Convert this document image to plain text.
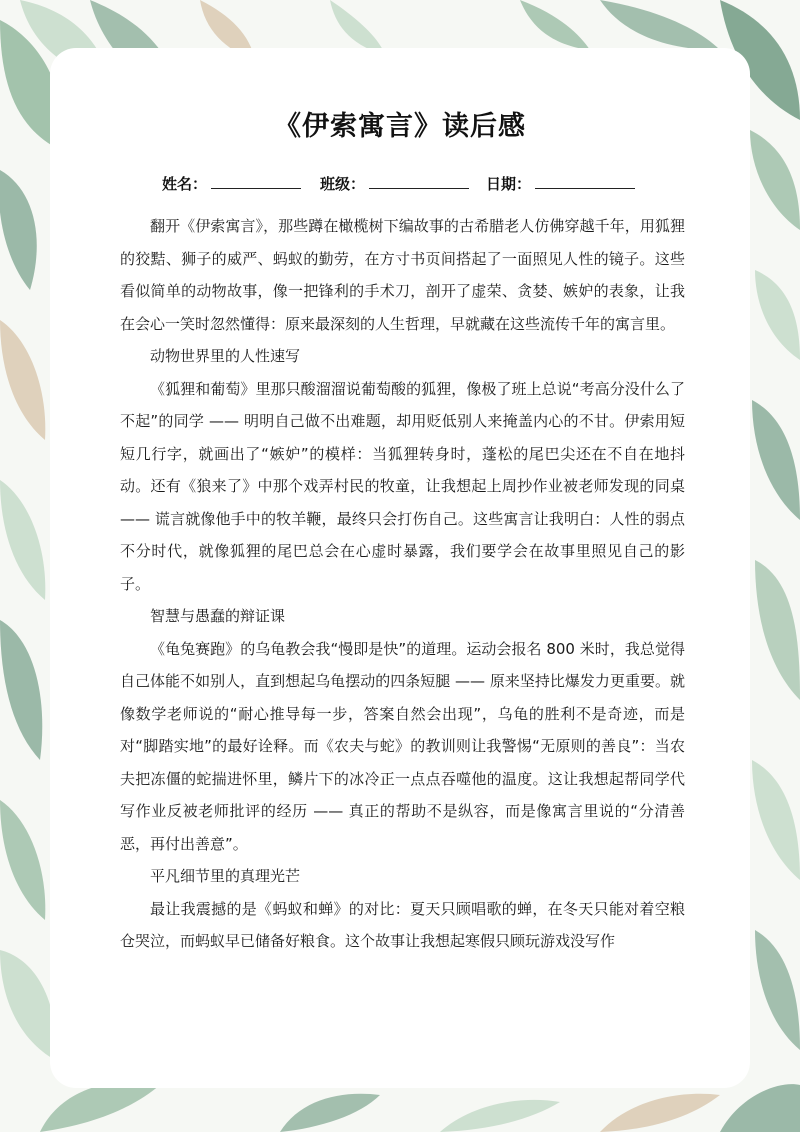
《伊索寓言》读后感
姓名：	班级：	日期：

翻开《伊索寓言》，那些蹲在橄榄树下编故事的古希腊老人仿佛穿越千年，用狐狸的狡黠、狮子的威严、蚂蚁的勤劳，在方寸书页间搭起了一面照见人性的镜子。这些看似简单的动物故事，像一把锋利的手术刀，剖开了虚荣、贪婪、嫉妒的表象，让我在会心一笑时忽然懂得：原来最深刻的人生哲理，早就藏在这些流传千年的寓言里。

动物世界里的人性速写

《狐狸和葡萄》里那只酸溜溜说葡萄酸的狐狸，像极了班上总说“考高分没什么了不起”的同学 —— 明明自己做不出难题，却用贬低别人来掩盖内心的不甘。伊索用短短几行字，就画出了“嫉妒”的模样：当狐狸转身时，蓬松的尾巴尖还在不自在地抖动。还有《狼来了》中那个戏弄村民的牧童，让我想起上周抄作业被老师发现的同桌 —— 谎言就像他手中的牧羊鞭，最终只会打伤自己。这些寓言让我明白：人性的弱点不分时代，就像狐狸的尾巴总会在心虚时暴露，我们要学会在故事里照见自己的影子。

智慧与愚蠢的辩证课

《龟兔赛跑》的乌龟教会我“慢即是快”的道理。运动会报名 800 米时，我总觉得自己体能不如别人，直到想起乌龟摆动的四条短腿 —— 原来坚持比爆发力更重要。就像数学老师说的“耐心推导每一步，答案自然会出现”，乌龟的胜利不是奇迹，而是对“脚踏实地”的最好诠释。而《农夫与蛇》的教训则让我警惕“无原则的善良”：当农夫把冻僵的蛇揣进怀里，鳞片下的冰冷正一点点吞噬他的温度。这让我想起帮同学代写作业反被老师批评的经历 —— 真正的帮助不是纵容，而是像寓言里说的“分清善恶，再付出善意”。

平凡细节里的真理光芒

最让我震撼的是《蚂蚁和蝉》的对比：夏天只顾唱歌的蝉，在冬天只能对着空粮仓哭泣，而蚂蚁早已储备好粮食。这个故事让我想起寒假只顾玩游戏没写作
